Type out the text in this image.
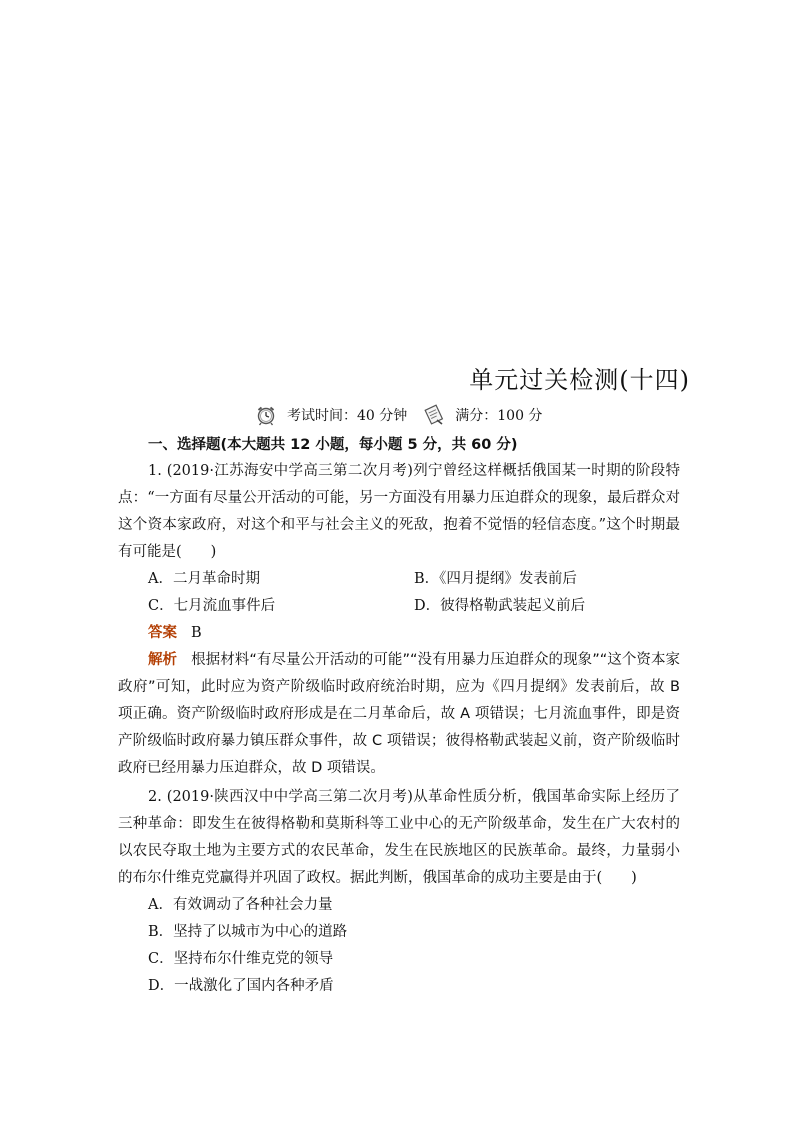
单元过关检测(十四)
考试时间：40 分钟	满分：100 分
一、选择题(本大题共 12 小题，每小题 5 分，共 60 分)

1. (2019·江苏海安中学高三第二次月考)列宁曾经这样概括俄国某一时期的阶段特点：“一方面有尽量公开活动的可能，另一方面没有用暴力压迫群众的现象，最后群众对这个资本家政府，对这个和平与社会主义的死敌，抱着不觉悟的轻信态度。”这个时期最有可能是(　　)

A．二月革命时期	B．《四月提纲》发表前后
C．七月流血事件后	D．彼得格勒武装起义前后
答案 B
解析 根据材料“有尽量公开活动的可能”“没有用暴力压迫群众的现象”“这个资本家政府”可知，此时应为资产阶级临时政府统治时期，应为《四月提纲》发表前后，故 B 项正确。资产阶级临时政府形成是在二月革命后，故 A 项错误；七月流血事件，即是资产阶级临时政府暴力镇压群众事件，故 C 项错误；彼得格勒武装起义前，资产阶级临时政府已经用暴力压迫群众，故 D 项错误。

2. (2019·陕西汉中中学高三第二次月考)从革命性质分析，俄国革命实际上经历了三种革命：即发生在彼得格勒和莫斯科等工业中心的无产阶级革命，发生在广大农村的以农民夺取土地为主要方式的农民革命，发生在民族地区的民族革命。最终，力量弱小的布尔什维克党赢得并巩固了政权。据此判断，俄国革命的成功主要是由于(　　)

A．有效调动了各种社会力量
B．坚持了以城市为中心的道路
C．坚持布尔什维克党的领导
D．一战激化了国内各种矛盾
